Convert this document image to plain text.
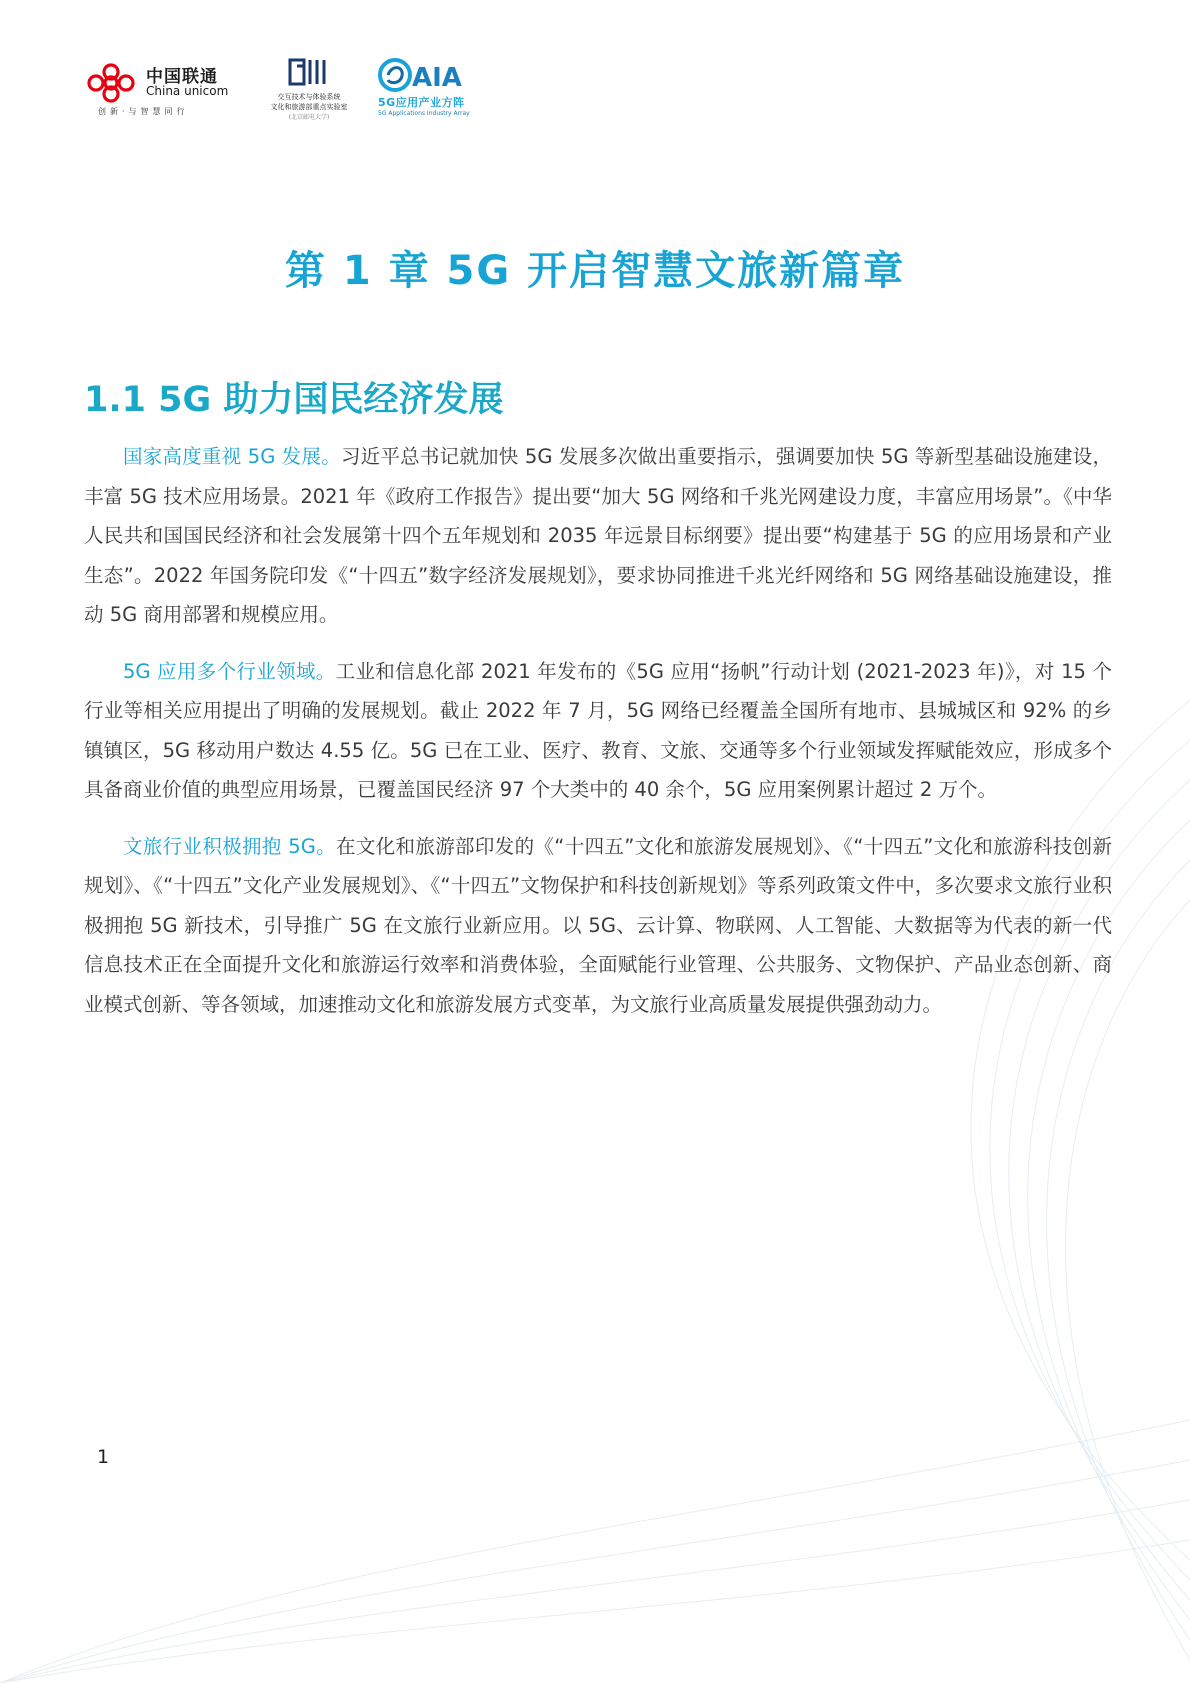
中国联通
China unicom
创新·与智慧同行
交互技术与体验系统
文化和旅游部重点实验室
(北京邮电大学)
AIA
5G应用产业方阵
5G Applications Industry Array
第 1 章 5G 开启智慧文旅新篇章
1.1 5G 助力国民经济发展

国家高度重视 5G 发展。习近平总书记就加快 5G 发展多次做出重要指示，强调要加快 5G 等新型基础设施建设，丰富 5G 技术应用场景。2021 年《政府工作报告》提出要“加大 5G 网络和千兆光网建设力度，丰富应用场景”。《中华人民共和国国民经济和社会发展第十四个五年规划和 2035 年远景目标纲要》提出要“构建基于 5G 的应用场景和产业生态”。2022 年国务院印发《“十四五”数字经济发展规划》，要求协同推进千兆光纤网络和 5G 网络基础设施建设，推动 5G 商用部署和规模应用。

5G 应用多个行业领域。工业和信息化部 2021 年发布的《5G 应用“扬帆”行动计划 (2021-2023 年)》，对 15 个行业等相关应用提出了明确的发展规划。截止 2022 年 7 月，5G 网络已经覆盖全国所有地市、县城城区和 92% 的乡镇镇区，5G 移动用户数达 4.55 亿。5G 已在工业、医疗、教育、文旅、交通等多个行业领域发挥赋能效应，形成多个具备商业价值的典型应用场景，已覆盖国民经济 97 个大类中的 40 余个，5G 应用案例累计超过 2 万个。

文旅行业积极拥抱 5G。在文化和旅游部印发的《“十四五”文化和旅游发展规划》、《“十四五”文化和旅游科技创新规划》、《“十四五”文化产业发展规划》、《“十四五”文物保护和科技创新规划》等系列政策文件中，多次要求文旅行业积极拥抱 5G 新技术，引导推广 5G 在文旅行业新应用。以 5G、云计算、物联网、人工智能、大数据等为代表的新一代信息技术正在全面提升文化和旅游运行效率和消费体验，全面赋能行业管理、公共服务、文物保护、产品业态创新、商业模式创新、等各领域，加速推动文化和旅游发展方式变革，为文旅行业高质量发展提供强劲动力。

1
